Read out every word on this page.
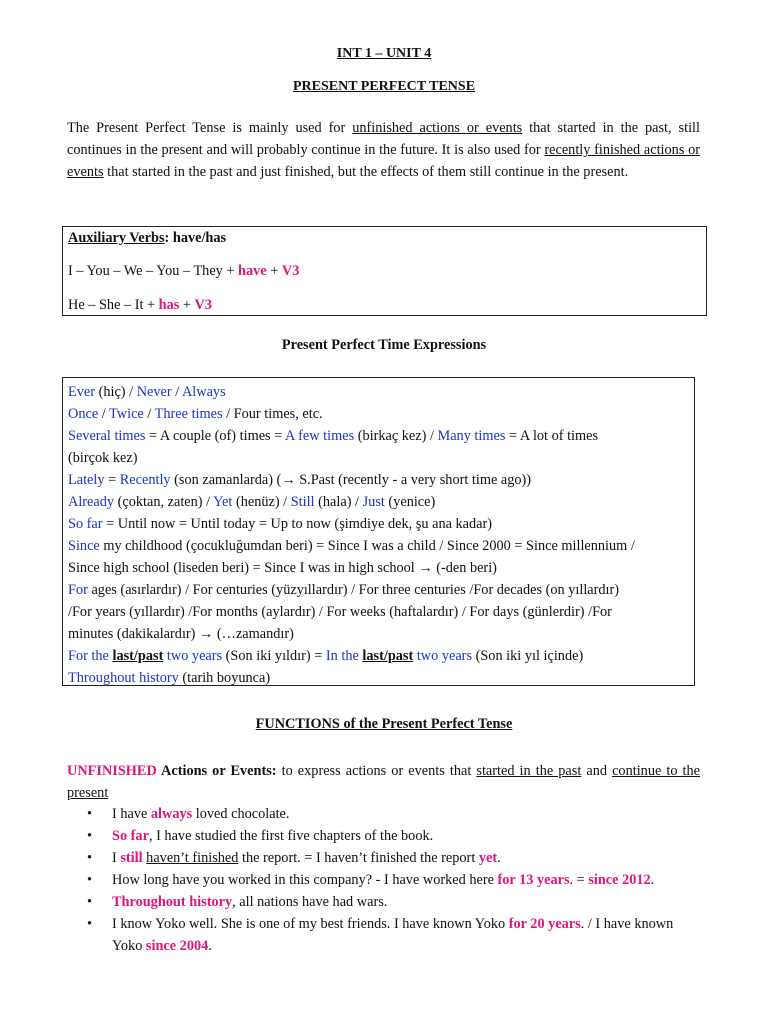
INT 1 – UNIT 4
PRESENT PERFECT TENSE

The Present Perfect Tense is mainly used for unfinished actions or events that started in the past, still continues in the present and will probably continue in the future. It is also used for recently finished actions or events that started in the past and just finished, but the effects of them still continue in the present.

Auxiliary Verbs: have/has
I – You – We – You – They + have + V3
He – She – It + has + V3
Present Perfect Time Expressions
Ever (hiç) / Never / Always
Once / Twice / Three times / Four times, etc.
Several times = A couple (of) times = A few times (birkaç kez) / Many times = A lot of times
(birçok kez)
Lately = Recently (son zamanlarda) (→ S.Past (recently - a very short time ago))
Already (çoktan, zaten) / Yet (henüz) / Still (hala) / Just (yenice)
So far = Until now = Until today = Up to now (şimdiye dek, şu ana kadar)
Since my childhood (çocukluğumdan beri) = Since I was a child / Since 2000 = Since millennium /
Since high school (liseden beri) = Since I was in high school → (-den beri)
For ages (asırlardır) / For centuries (yüzyıllardır) / For three centuries /For decades (on yıllardır)
/For years (yıllardır) /For months (aylardır) / For weeks (haftalardır) / For days (günlerdir) /For
minutes (dakikalardır) → (…zamandır)
For the last/past two years (Son iki yıldır) = In the last/past two years (Son iki yıl içinde)
Throughout history (tarih boyunca)
FUNCTIONS of the Present Perfect Tense

UNFINISHED Actions or Events: to express actions or events that started in the past and continue to the present

• I have always loved chocolate.
• So far, I have studied the first five chapters of the book.
• I still haven’t finished the report. = I haven’t finished the report yet.
• How long have you worked in this company? - I have worked here for 13 years. = since 2012.
• Throughout history, all nations have had wars.
• I know Yoko well. She is one of my best friends. I have known Yoko for 20 years. / I have known Yoko since 2004.
